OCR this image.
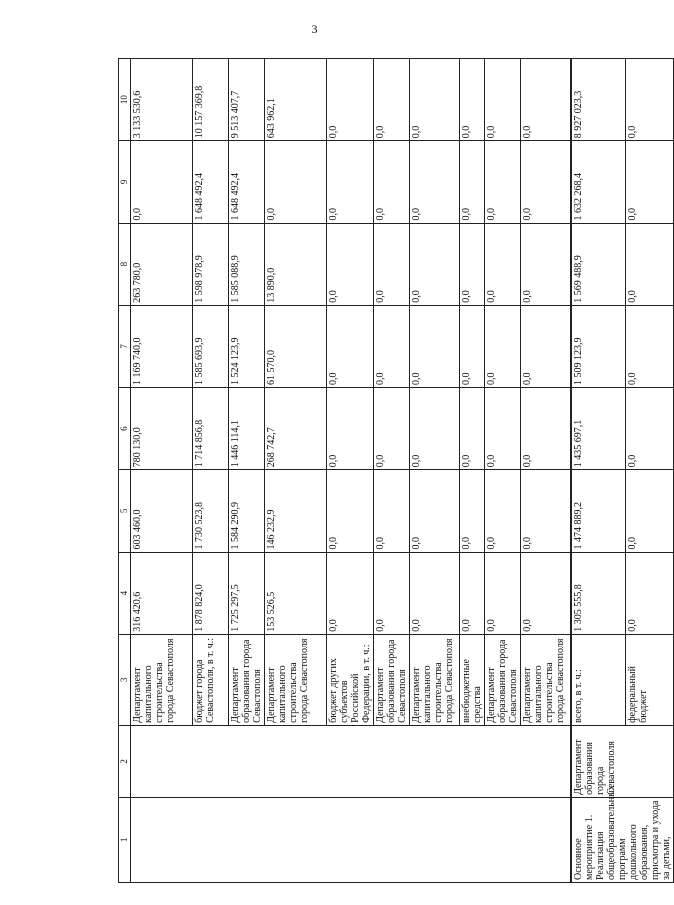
3
1	2	3	4	5	6	7	8	9	10
		Департамент капитального строительства города Севастополя	316 420,6	603 460,0	780 130,0	1 169 740,0	263 780,0	0,0	3 133 530,6
		бюджет города Севастополя, в т. ч.:	1 878 824,0	1 730 523,8	1 714 856,8	1 585 693,9	1 598 978,9	1 648 492,4	10 157 369,8
		Департамент образования города Севастополя	1 725 297,5	1 584 290,9	1 446 114,1	1 524 123,9	1 585 088,9	1 648 492,4	9 513 407,7
		Департамент капитального строительства города Севастополя	153 526,5	146 232,9	268 742,7	61 570,0	13 890,0	0,0	643 962,1
		бюджет других субъектов Российской Федерации, в т. ч.:	0,0	0,0	0,0	0,0	0,0	0,0	0,0
		Департамент образования города Севастополя	0,0	0,0	0,0	0,0	0,0	0,0	0,0
		Департамент капитального строительства города Севастополя	0,0	0,0	0,0	0,0	0,0	0,0	0,0
		внебюджетные средства	0,0	0,0	0,0	0,0	0,0	0,0	0,0
		Департамент образования города Севастополя	0,0	0,0	0,0	0,0	0,0	0,0	0,0
		Департамент капитального строительства города Севастополя	0,0	0,0	0,0	0,0	0,0	0,0	0,0
Основное мероприятие 1. Реализация общеобразовательных программ дошкольного образования, присмотра и ухода за детьми,	Департамент образования города Севастополя	всего, в т. ч.:	1 305 555,8	1 474 889,2	1 435 697,1	1 509 123,9	1 569 488,9	1 632 268,4	8 927 023,3
		федеральный бюджет	0,0	0,0	0,0	0,0	0,0	0,0	0,0
